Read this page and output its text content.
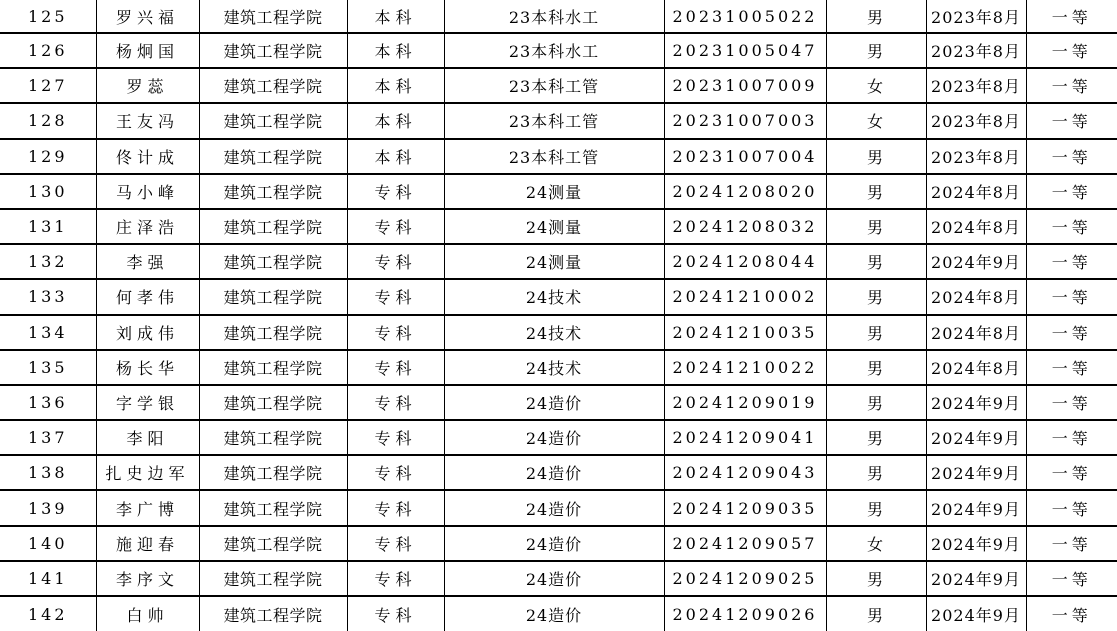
125	罗兴福	建筑工程学院	本科	23本科水工	20231005022	男	2023年8月	一等
126	杨炯国	建筑工程学院	本科	23本科水工	20231005047	男	2023年8月	一等
127	罗蕊	建筑工程学院	本科	23本科工管	20231007009	女	2023年8月	一等
128	王友冯	建筑工程学院	本科	23本科工管	20231007003	女	2023年8月	一等
129	佟计成	建筑工程学院	本科	23本科工管	20231007004	男	2023年8月	一等
130	马小峰	建筑工程学院	专科	24测量	20241208020	男	2024年8月	一等
131	庄泽浩	建筑工程学院	专科	24测量	20241208032	男	2024年8月	一等
132	李强	建筑工程学院	专科	24测量	20241208044	男	2024年9月	一等
133	何孝伟	建筑工程学院	专科	24技术	20241210002	男	2024年8月	一等
134	刘成伟	建筑工程学院	专科	24技术	20241210035	男	2024年8月	一等
135	杨长华	建筑工程学院	专科	24技术	20241210022	男	2024年8月	一等
136	字学银	建筑工程学院	专科	24造价	20241209019	男	2024年9月	一等
137	李阳	建筑工程学院	专科	24造价	20241209041	男	2024年9月	一等
138	扎史边军	建筑工程学院	专科	24造价	20241209043	男	2024年9月	一等
139	李广博	建筑工程学院	专科	24造价	20241209035	男	2024年9月	一等
140	施迎春	建筑工程学院	专科	24造价	20241209057	女	2024年9月	一等
141	李序文	建筑工程学院	专科	24造价	20241209025	男	2024年9月	一等
142	白帅	建筑工程学院	专科	24造价	20241209026	男	2024年9月	一等
